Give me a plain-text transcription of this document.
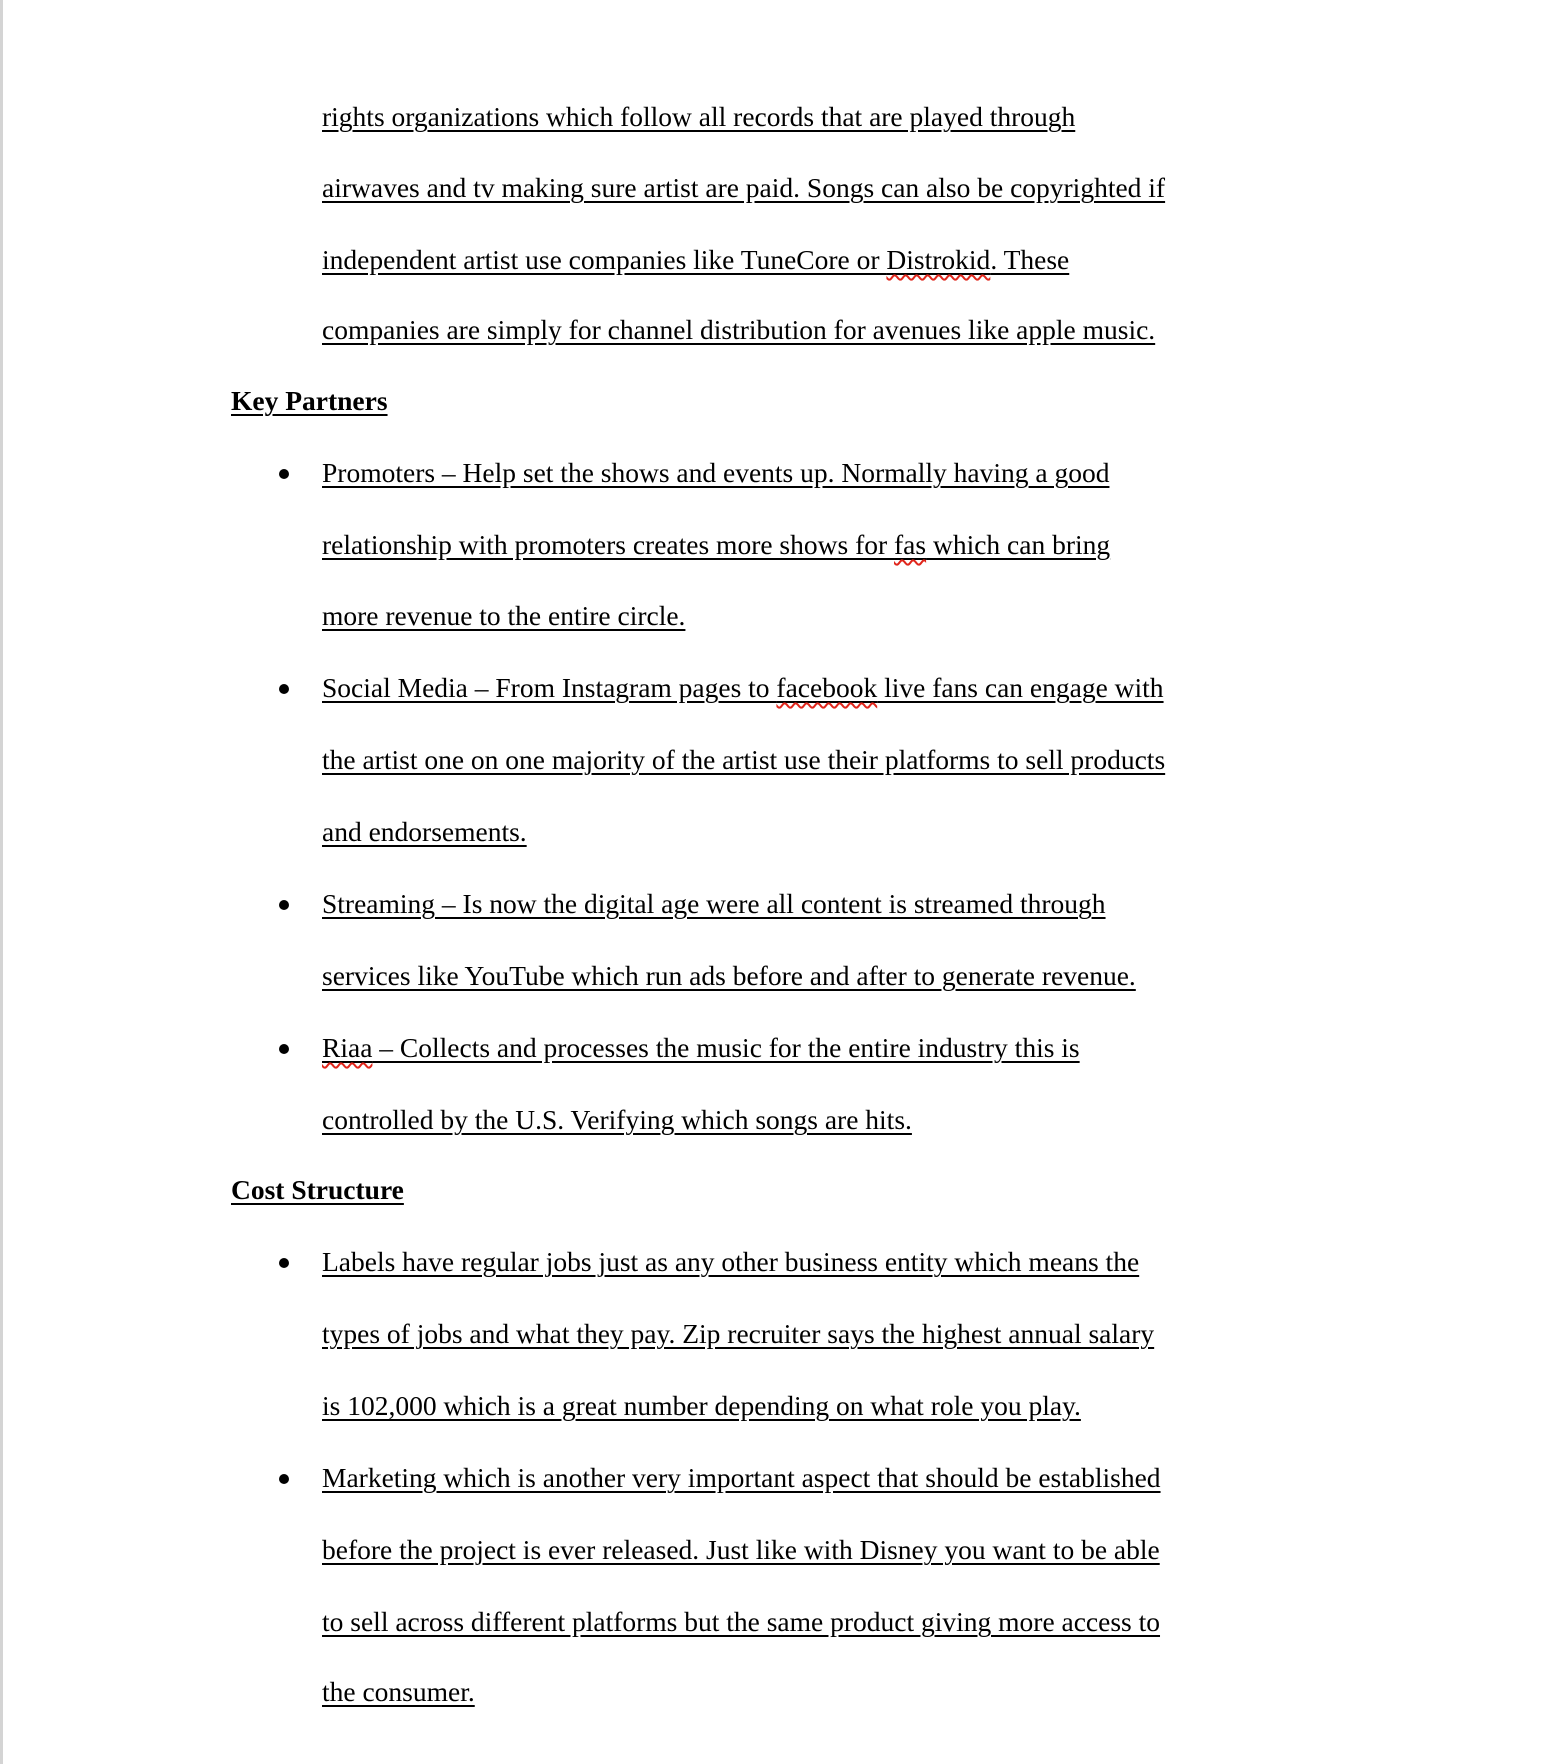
rights organizations which follow all records that are played through
airwaves and tv making sure artist are paid. Songs can also be copyrighted if
independent artist use companies like TuneCore or Distrokid. These
companies are simply for channel distribution for avenues like apple music.
Key Partners
Promoters – Help set the shows and events up. Normally having a good
relationship with promoters creates more shows for fas which can bring
more revenue to the entire circle.
Social Media – From Instagram pages to facebook live fans can engage with
the artist one on one majority of the artist use their platforms to sell products
and endorsements.
Streaming – Is now the digital age were all content is streamed through
services like YouTube which run ads before and after to generate revenue.
Riaa – Collects and processes the music for the entire industry this is
controlled by the U.S. Verifying which songs are hits.
Cost Structure
Labels have regular jobs just as any other business entity which means the
types of jobs and what they pay. Zip recruiter says the highest annual salary
is 102,000 which is a great number depending on what role you play.
Marketing which is another very important aspect that should be established
before the project is ever released. Just like with Disney you want to be able
to sell across different platforms but the same product giving more access to
the consumer.
